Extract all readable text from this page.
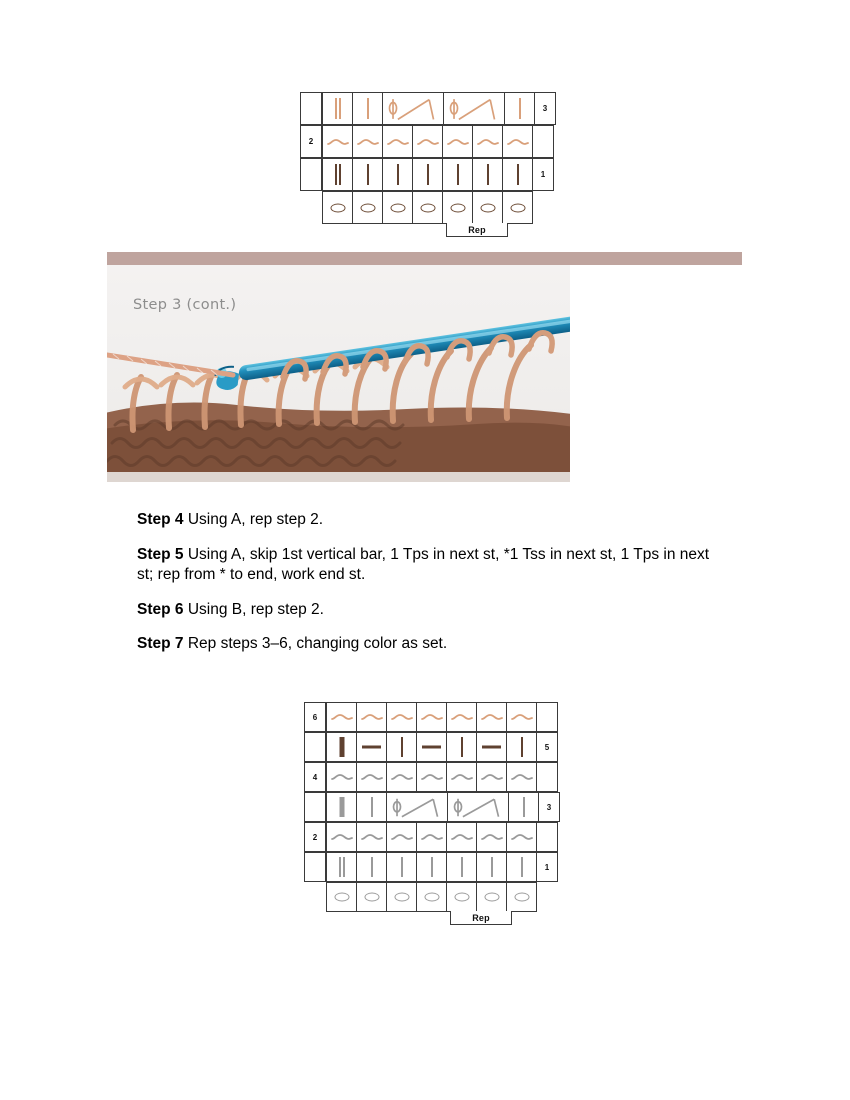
3
2
1
Rep
Step 3 (cont.)

Step 4 Using A, rep step 2.

Step 5 Using A, skip 1st vertical bar, 1 Tps in next st, *1 Tss in next st, 1 Tps in next st; rep from * to end, work end st.

Step 6 Using B, rep step 2.

Step 7 Rep steps 3–6, changing color as set.

6
5
4
3
2
1
Rep
